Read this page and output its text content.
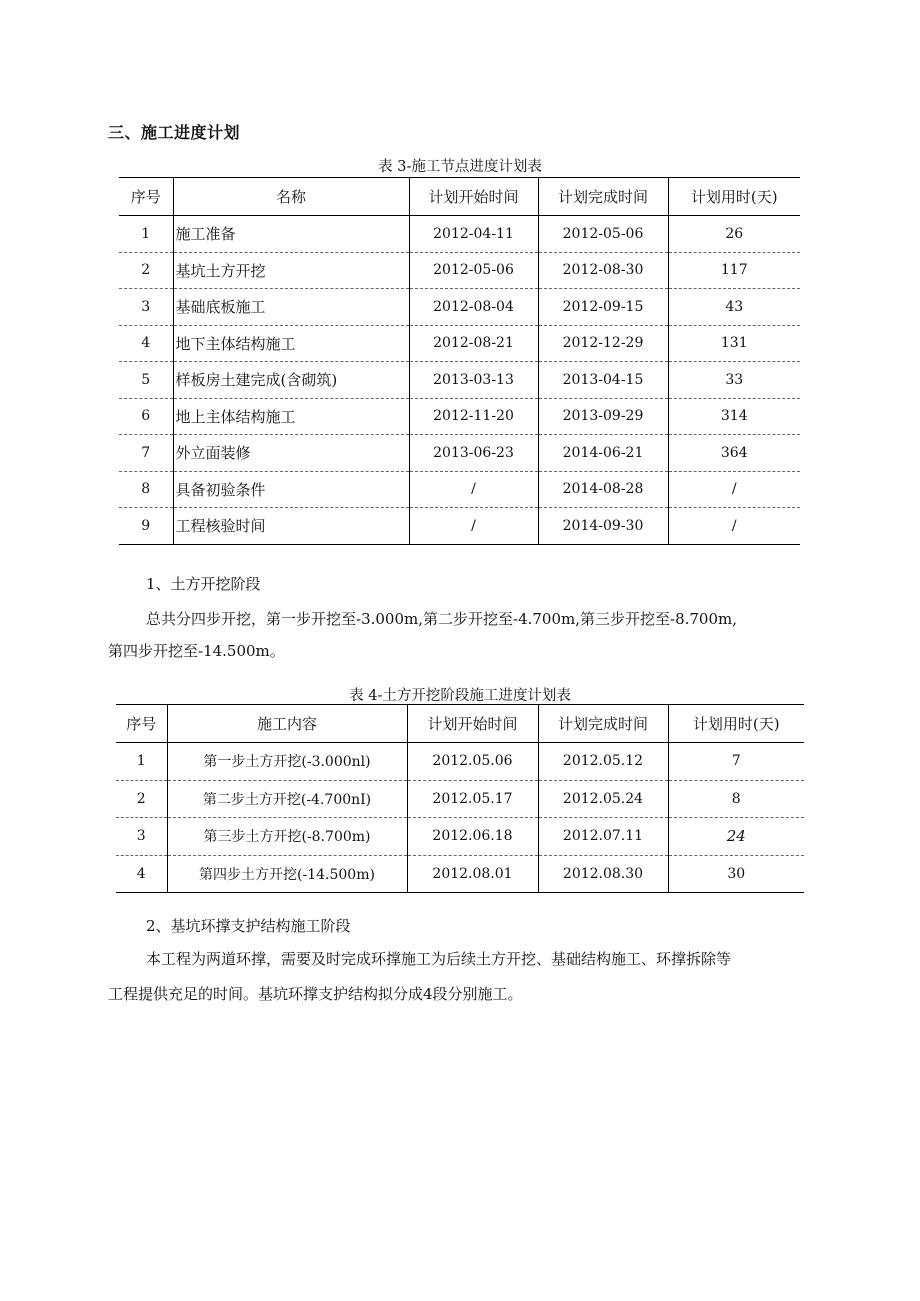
三、施工进度计划
表 3-施工节点进度计划表
序号	名称	计划开始时间	计划完成时间	计划用时(天)
1	施工准备	2012-04-11	2012-05-06	26
2	基坑土方开挖	2012-05-06	2012-08-30	117
3	基础底板施工	2012-08-04	2012-09-15	43
4	地下主体结构施工	2012-08-21	2012-12-29	131
5	样板房土建完成(含砌筑)	2013-03-13	2013-04-15	33
6	地上主体结构施工	2012-11-20	2013-09-29	314
7	外立面装修	2013-06-23	2014-06-21	364
8	具备初验条件	/	2014-08-28	/
9	工程核验时间	/	2014-09-30	/
1、土方开挖阶段
总共分四步开挖，第一步开挖至-3.000m,第二步开挖至-4.700m,第三步开挖至-8.700m,
第四步开挖至-14.500m。
表 4-土方开挖阶段施工进度计划表
序号	施工内容	计划开始时间	计划完成时间	计划用时(天)
1	第一步土方开挖(-3.000nl)	2012.05.06	2012.05.12	7
2	第二步土方开挖(-4.700nI)	2012.05.17	2012.05.24	8
3	第三步土方开挖(-8.700m)	2012.06.18	2012.07.11	24
4	第四步土方开挖(-14.500m)	2012.08.01	2012.08.30	30
2、基坑环撑支护结构施工阶段
本工程为两道环撑，需要及时完成环撑施工为后续土方开挖、基础结构施工、环撑拆除等
工程提供充足的时间。基坑环撑支护结构拟分成4段分别施工。
